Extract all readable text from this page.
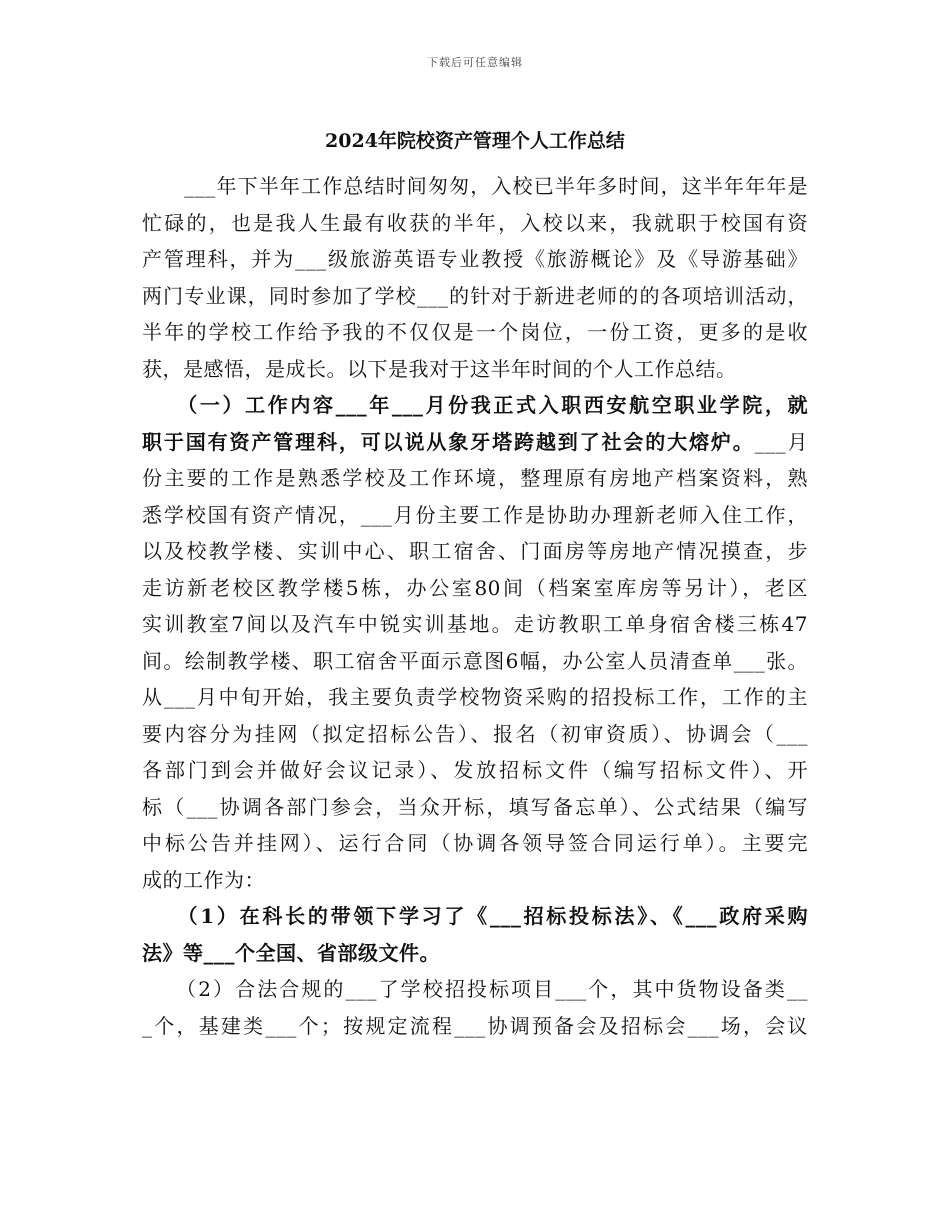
下载后可任意编辑
2024年院校资产管理个人工作总结
　　___年下半年工作总结时间匆匆，入校已半年多时间，这半年年年是
忙碌的，也是我人生最有收获的半年，入校以来，我就职于校国有资
产管理科，并为___级旅游英语专业教授《旅游概论》及《导游基础》
两门专业课，同时参加了学校___的针对于新进老师的的各项培训活动，
半年的学校工作给予我的不仅仅是一个岗位，一份工资，更多的是收
获，是感悟，是成长。以下是我对于这半年时间的个人工作总结。
　　（一）工作内容___年___月份我正式入职西安航空职业学院，就
职于国有资产管理科，可以说从象牙塔跨越到了社会的大熔炉。___月
份主要的工作是熟悉学校及工作环境，整理原有房地产档案资料，熟
悉学校国有资产情况，___月份主要工作是协助办理新老师入住工作，
以及校教学楼、实训中心、职工宿舍、门面房等房地产情况摸查，步
走访新老校区教学楼5栋，办公室80间（档案室库房等另计），老区
实训教室7间以及汽车中锐实训基地。走访教职工单身宿舍楼三栋47
间。绘制教学楼、职工宿舍平面示意图6幅，办公室人员清查单___张。
从___月中旬开始，我主要负责学校物资采购的招投标工作，工作的主
要内容分为挂网（拟定招标公告）、报名（初审资质）、协调会（___
各部门到会并做好会议记录）、发放招标文件（编写招标文件）、开
标（___协调各部门参会，当众开标，填写备忘单）、公式结果（编写
中标公告并挂网）、运行合同（协调各领导签合同运行单）。主要完
成的工作为：
　　（1）在科长的带领下学习了《___招标投标法》、《___政府采购
法》等___个全国、省部级文件。
　　（2）合法合规的___了学校招投标项目___个，其中货物设备类__
_个，基建类___个；按规定流程___协调预备会及招标会___场，会议
